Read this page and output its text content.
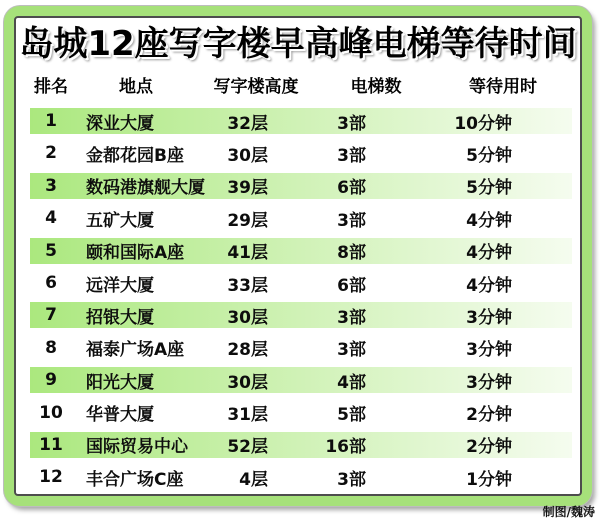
岛城12座写字楼早高峰电梯等待时间
排名	地点	写字楼高度	电梯数	等待用时
1	深业大厦	32层	3部	10分钟
2	金都花园B座	30层	3部	5分钟
3	数码港旗舰大厦	39层	6部	5分钟
4	五矿大厦	29层	3部	4分钟
5	颐和国际A座	41层	8部	4分钟
6	远洋大厦	33层	6部	4分钟
7	招银大厦	30层	3部	3分钟
8	福泰广场A座	28层	3部	3分钟
9	阳光大厦	30层	4部	3分钟
10	华普大厦	31层	5部	2分钟
11	国际贸易中心	52层	16部	2分钟
12	丰合广场C座	4层	3部	1分钟
制图/魏涛
